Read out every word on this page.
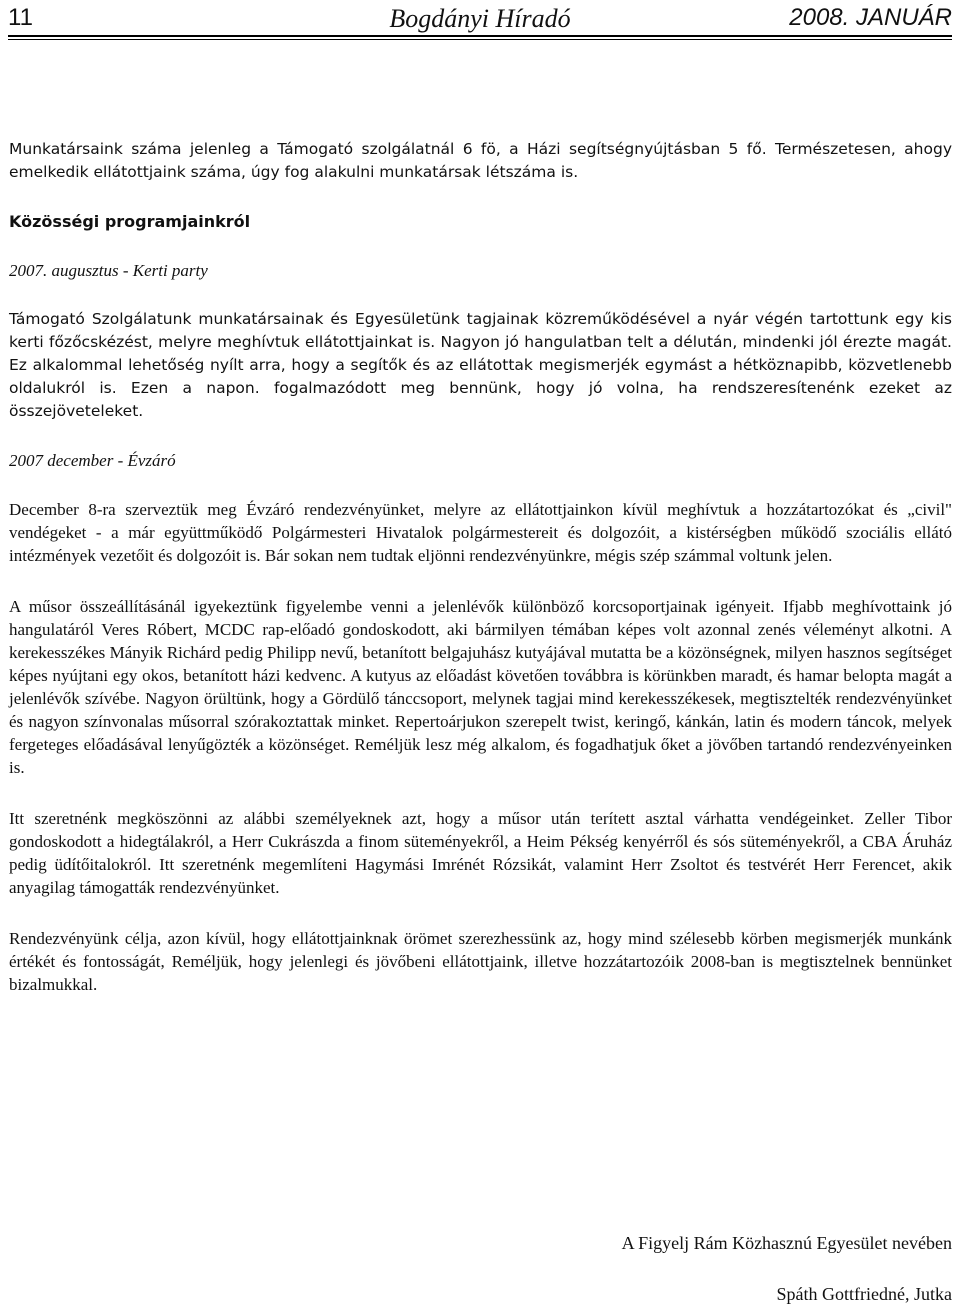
11	Bogdányi Híradó	2008. JANUÁR

Munkatársaink száma jelenleg a Támogató szolgálatnál 6 fö, a Házi segítségnyújtásban 5 fő. Természetesen, ahogy emelkedik ellátottjaink száma, úgy fog alakulni munkatársak létszáma is.

Közösségi programjainkról

2007. augusztus - Kerti party

Támogató Szolgálatunk munkatársainak és Egyesületünk tagjainak közreműködésével a nyár végén tartottunk egy kis kerti főzőcskézést, melyre meghívtuk ellátottjainkat is. Nagyon jó hangulatban telt a délután, mindenki jól érezte magát. Ez alkalommal lehetőség nyílt arra, hogy a segítők és az ellátottak megismerjék egymást a hétköznapibb, közvetlenebb oldalukról is. Ezen a napon. fogalmazódott meg bennünk, hogy jó volna, ha rendszeresítenénk ezeket az összejöveteleket.

2007 december - Évzáró

December 8-ra szerveztük meg Évzáró rendezvényünket, melyre az ellátottjainkon kívül meghívtuk a hozzátartozókat és „civil" vendégeket - a már együttműködő Polgármesteri Hivatalok polgármestereit és dolgozóit, a kistérségben működő szociális ellátó intézmények vezetőit és dolgozóit is. Bár sokan nem tudtak eljönni rendezvényünkre, mégis szép számmal voltunk jelen.

A műsor összeállításánál igyekeztünk figyelembe venni a jelenlévők különböző korcsoportjainak igényeit. Ifjabb meghívottaink jó hangulatáról Veres Róbert, MCDC rap-előadó gondoskodott, aki bármilyen témában képes volt azonnal zenés véleményt alkotni. A kerekesszékes Mányik Richárd pedig Philipp nevű, betanított belgajuhász kutyájával mutatta be a közönségnek, milyen hasznos segítséget képes nyújtani egy okos, betanított házi kedvenc. A kutyus az előadást követően továbbra is körünkben maradt, és hamar belopta magát a jelenlévők szívébe. Nagyon örültünk, hogy a Gördülő tánccsoport, melynek tagjai mind kerekesszékesek, megtisztelték rendezvényünket és nagyon színvonalas műsorral szórakoztattak minket. Repertoárjukon szerepelt twist, keringő, kánkán, latin és modern táncok, melyek fergeteges előadásával lenyűgözték a közönséget. Reméljük lesz még alkalom, és fogadhatjuk őket a jövőben tartandó rendezvényeinken is.

Itt szeretnénk megköszönni az alábbi személyeknek azt, hogy a műsor után terített asztal várhatta vendégeinket. Zeller Tibor gondoskodott a hidegtálakról, a Herr Cukrászda a finom süteményekről, a Heim Pékség kenyérről és sós süteményekről, a CBA Áruház pedig üdítőitalokról. Itt szeretnénk megemlíteni Hagymási Imrénét Rózsikát, valamint Herr Zsoltot és testvérét Herr Ferencet, akik anyagilag támogatták rendezvényünket.

Rendezvényünk célja, azon kívül, hogy ellátottjainknak örömet szerezhessünk az, hogy mind szélesebb körben megismerjék munkánk értékét és fontosságát, Reméljük, hogy jelenlegi és jövőbeni ellátottjaink, illetve hozzátartozóik 2008-ban is megtisztelnek bennünket bizalmukkal.

A Figyelj Rám Közhasznú Egyesület nevében
Spáth Gottfriedné, Jutka
